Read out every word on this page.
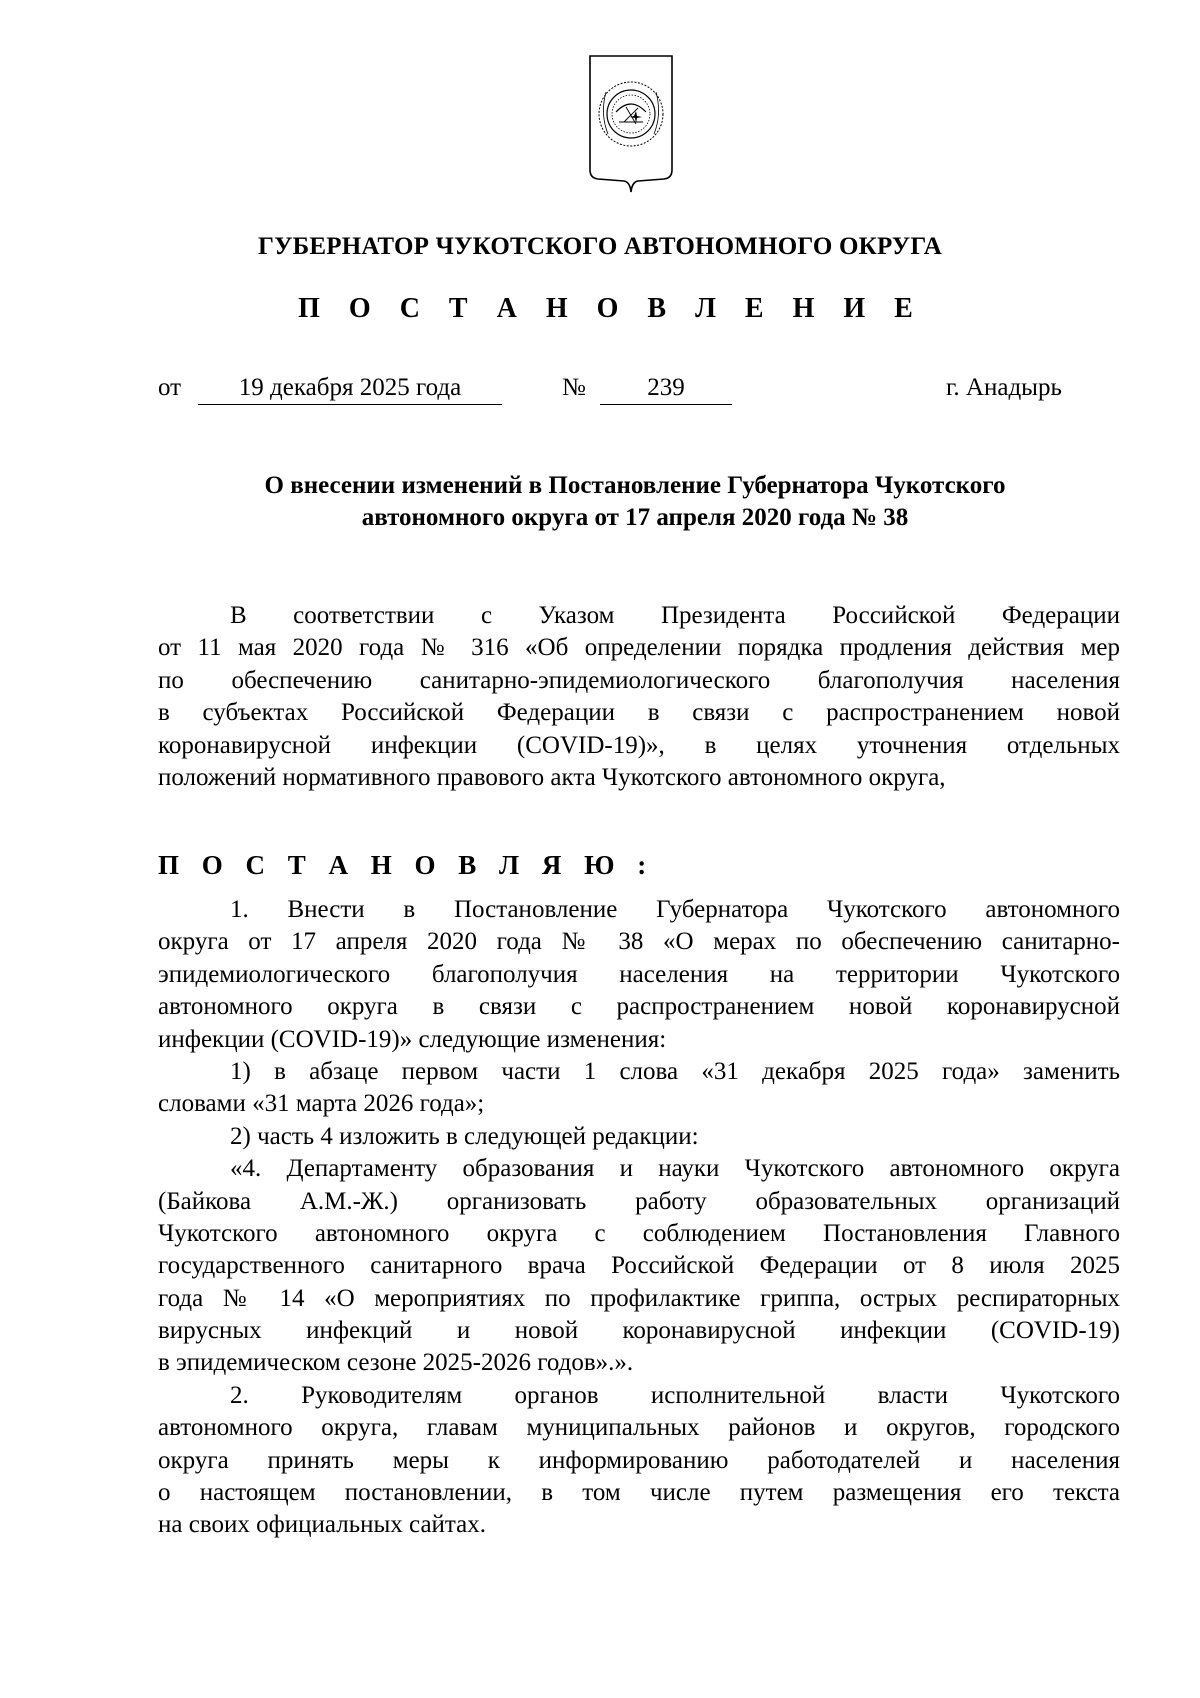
ГУБЕРНАТОР ЧУКОТСКОГО АВТОНОМНОГО ОКРУГА
П О С Т А Н О В Л Е Н И Е
от	19 декабря 2025 года	№	239	г. Анадырь
О внесении изменений в Постановление Губернатора Чукотского
автономного округа от 17 апреля 2020 года № 38
В соответствии с Указом Президента Российской Федерации
от 11 мая 2020 года № 316 «Об определении порядка продления действия мер
по обеспечению санитарно-эпидемиологического благополучия населения
в субъектах Российской Федерации в связи с распространением новой
коронавирусной инфекции (COVID-19)», в целях уточнения отдельных
положений нормативного правового акта Чукотского автономного округа,
П О С Т А Н О В Л Я Ю :
1. Внести в Постановление Губернатора Чукотского автономного
округа от 17 апреля 2020 года № 38 «О мерах по обеспечению санитарно-
эпидемиологического благополучия населения на территории Чукотского
автономного округа в связи с распространением новой коронавирусной
инфекции (COVID-19)» следующие изменения:
1) в абзаце первом части 1 слова «31 декабря 2025 года» заменить
словами «31 марта 2026 года»;
2) часть 4 изложить в следующей редакции:
«4. Департаменту образования и науки Чукотского автономного округа
(Байкова А.М.-Ж.) организовать работу образовательных организаций
Чукотского автономного округа с соблюдением Постановления Главного
государственного санитарного врача Российской Федерации от 8 июля 2025
года № 14 «О мероприятиях по профилактике гриппа, острых респираторных
вирусных инфекций и новой коронавирусной инфекции (COVID-19)
в эпидемическом сезоне 2025-2026 годов».».
2. Руководителям органов исполнительной власти Чукотского
автономного округа, главам муниципальных районов и округов, городского
округа принять меры к информированию работодателей и населения
о настоящем постановлении, в том числе путем размещения его текста
на своих официальных сайтах.
